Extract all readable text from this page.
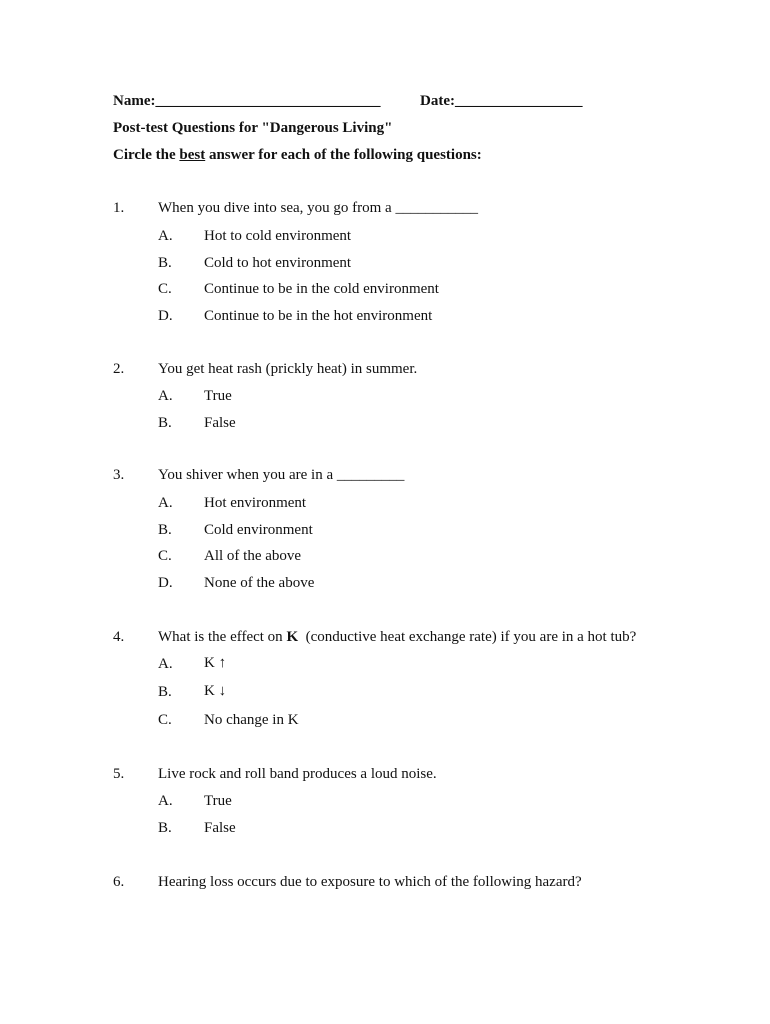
Name:______________________________	Date:_________________
Post-test Questions for "Dangerous Living"
Circle the best answer for each of the following questions:
1. When you dive into sea, you go from a ___________
A. Hot to cold environment
B. Cold to hot environment
C. Continue to be in the cold environment
D. Continue to be in the hot environment
2. You get heat rash (prickly heat) in summer.
A. True
B. False
3. You shiver when you are in a _________
A. Hot environment
B. Cold environment
C. All of the above
D. None of the above
4. What is the effect on K  (conductive heat exchange rate) if you are in a hot tub?
A. K ↑
B. K ↓
C. No change in K
5. Live rock and roll band produces a loud noise.
A. True
B. False
6. Hearing loss occurs due to exposure to which of the following hazard?
